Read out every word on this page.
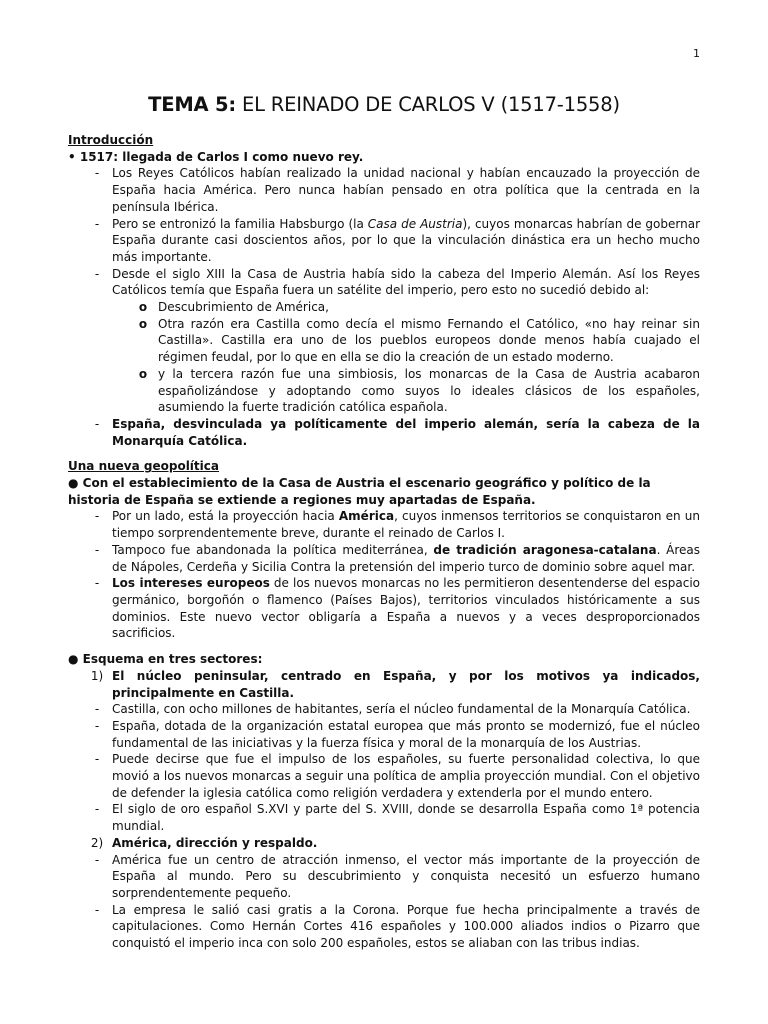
1
TEMA 5: EL REINADO DE CARLOS V (1517-1558)

Introducción

• 1517: llegada de Carlos I como nuevo rey.

-	Los Reyes Católicos habían realizado la unidad nacional y habían encauzado la proyección de España hacia América. Pero nunca habían pensado en otra política que la centrada en la península Ibérica.
-	Pero se entronizó la familia Habsburgo (la Casa de Austria), cuyos monarcas habrían de gobernar España durante casi doscientos años, por lo que la vinculación dinástica era un hecho mucho más importante.
-	Desde el siglo XIII la Casa de Austria había sido la cabeza del Imperio Alemán. Así los Reyes Católicos temía que España fuera un satélite del imperio, pero esto no sucedió debido al:
o Descubrimiento de América,
o Otra razón era Castilla como decía el mismo Fernando el Católico, «no hay reinar sin Castilla». Castilla era uno de los pueblos europeos donde menos había cuajado el régimen feudal, por lo que en ella se dio la creación de un estado moderno.
o y la tercera razón fue una simbiosis, los monarcas de la Casa de Austria acabaron españolizándose y adoptando como suyos lo ideales clásicos de los españoles, asumiendo la fuerte tradición católica española.
-	España, desvinculada ya políticamente del imperio alemán, sería la cabeza de la Monarquía Católica.

Una nueva geopolítica

● Con el establecimiento de la Casa de Austria el escenario geográfico y político de la historia de España se extiende a regiones muy apartadas de España.

-	Por un lado, está la proyección hacia América, cuyos inmensos territorios se conquistaron en un tiempo sorprendentemente breve, durante el reinado de Carlos I.
-	Tampoco fue abandonada la política mediterránea, de tradición aragonesa-catalana. Áreas de Nápoles, Cerdeña y Sicilia Contra la pretensión del imperio turco de dominio sobre aquel mar.
-	Los intereses europeos de los nuevos monarcas no les permitieron desentenderse del espacio germánico, borgoñón o flamenco (Países Bajos), territorios vinculados históricamente a sus dominios. Este nuevo vector obligaría a España a nuevos y a veces desproporcionados sacrificios.

● Esquema en tres sectores:

1) El núcleo peninsular, centrado en España, y por los motivos ya indicados, principalmente en Castilla.
-	Castilla, con ocho millones de habitantes, sería el núcleo fundamental de la Monarquía Católica.
-	España, dotada de la organización estatal europea que más pronto se modernizó, fue el núcleo fundamental de las iniciativas y la fuerza física y moral de la monarquía de los Austrias.
-	Puede decirse que fue el impulso de los españoles, su fuerte personalidad colectiva, lo que movió a los nuevos monarcas a seguir una política de amplia proyección mundial. Con el objetivo de defender la iglesia católica como religión verdadera y extenderla por el mundo entero.
-	El siglo de oro español S.XVI y parte del S. XVIII, donde se desarrolla España como 1ª potencia mundial.
2) América, dirección y respaldo.
-	América fue un centro de atracción inmenso, el vector más importante de la proyección de España al mundo. Pero su descubrimiento y conquista necesitó un esfuerzo humano sorprendentemente pequeño.
-	La empresa le salió casi gratis a la Corona. Porque fue hecha principalmente a través de capitulaciones. Como Hernán Cortes 416 españoles y 100.000 aliados indios o Pizarro que conquistó el imperio inca con solo 200 españoles, estos se aliaban con las tribus indias.
